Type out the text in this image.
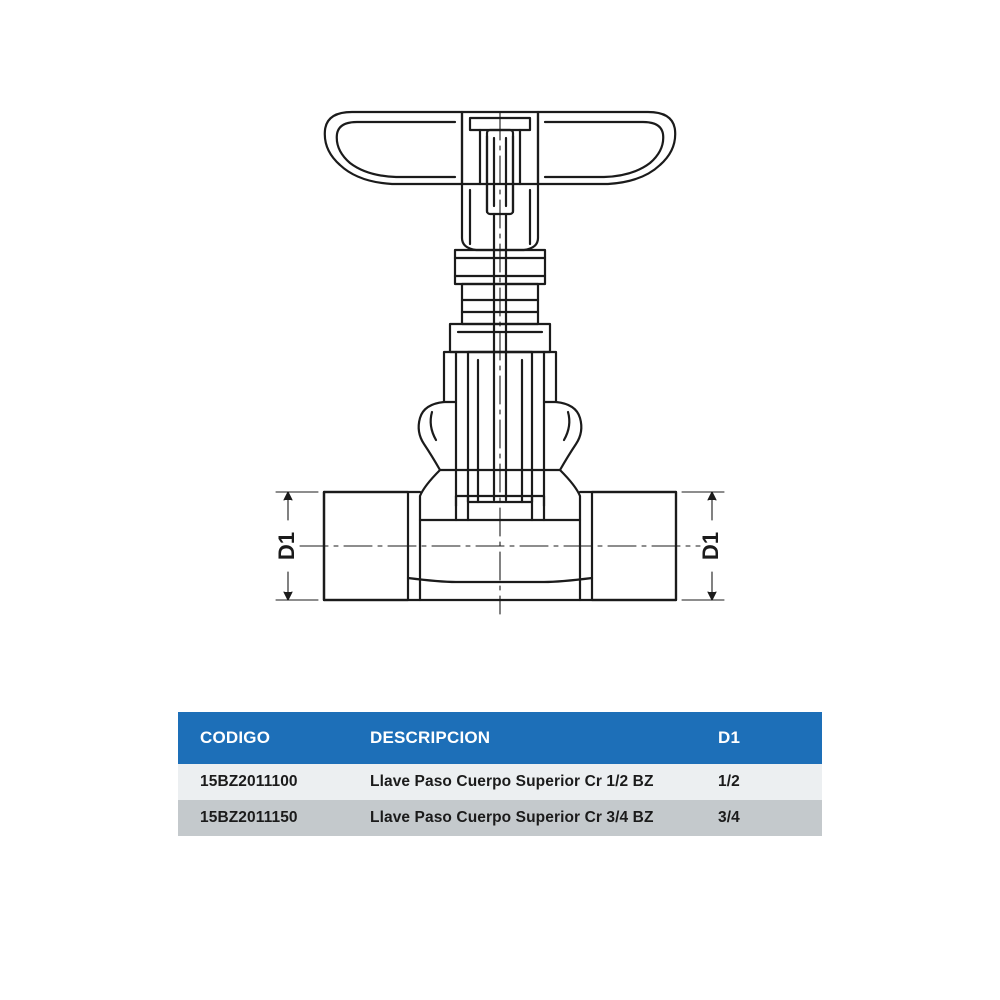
D1	D1
CODIGO	DESCRIPCION	D1
15BZ2011100	Llave Paso Cuerpo Superior Cr 1/2 BZ	1/2
15BZ2011150	Llave Paso Cuerpo Superior Cr 3/4 BZ	3/4
